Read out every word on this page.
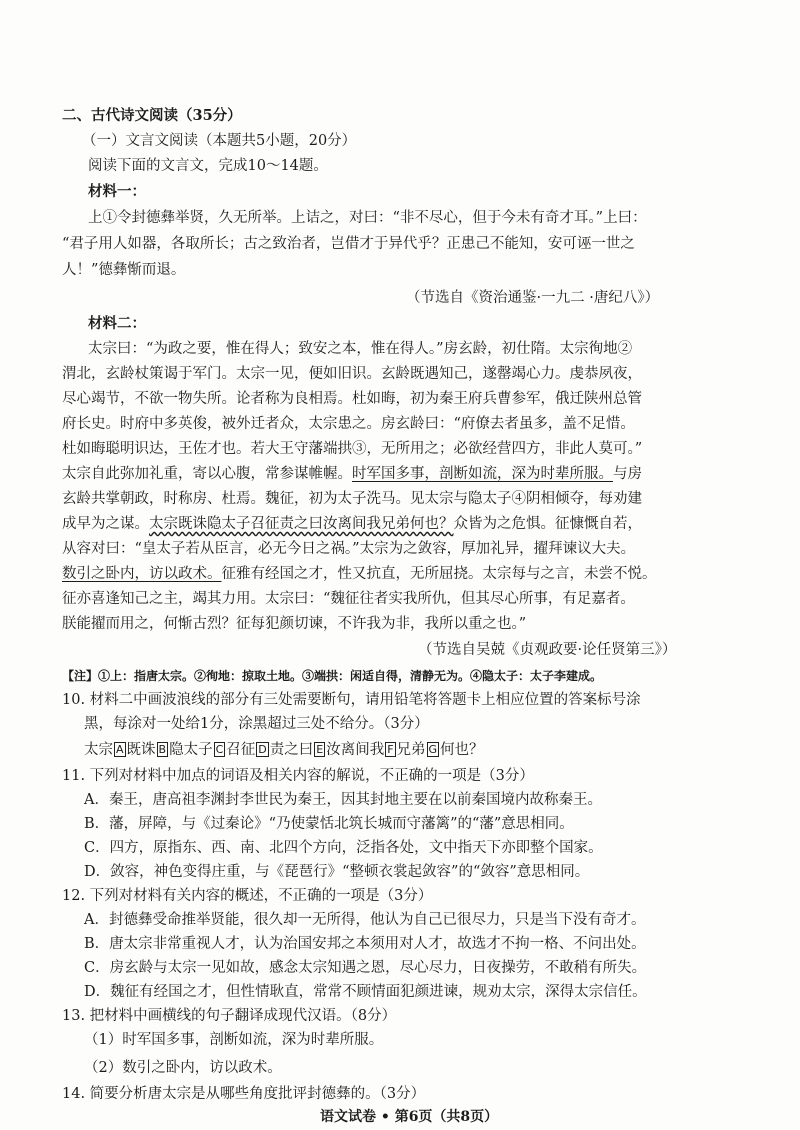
二、古代诗文阅读（35分）
（一）文言文阅读（本题共5小题，20分）
阅读下面的文言文，完成10～14题。
材料一：
上①令封德彝举贤，久无所举。上诘之，对曰：“非不尽心，但于今未有奇才耳。”上曰：
“君子用人如器，各取所长；古之致治者，岂借才于异代乎？正患己不能知，安可诬一世之
人！”德彝惭而退。
（节选自《资治通鉴·一九二 ·唐纪八》）
材料二：
太宗曰：“为政之要，惟在得人；致安之本，惟在得人。”房玄龄，初仕隋。太宗徇地②
渭北，玄龄杖策谒于军门。太宗一见，便如旧识。玄龄既遇知己，遂罄竭心力。虔恭夙夜，
尽心竭节，不欲一物失所。论者称为良相焉。杜如晦，初为秦王府兵曹参军，俄迁陕州总管
府长史。时府中多英俊，被外迁者众，太宗患之。房玄龄曰：“府僚去者虽多，盖不足惜。
杜如晦聪明识达，王佐才也。若大王守藩端拱③，无所用之；必欲经营四方，非此人莫可。”
太宗自此弥加礼重，寄以心腹，常参谋帷幄。时军国多事，剖断如流，深为时辈所服。与房
玄龄共掌朝政，时称房、杜焉。魏征，初为太子洗马。见太宗与隐太子④阴相倾夺，每劝建
成早为之谋。太宗既诛隐太子召征责之曰汝离间我兄弟何也？众皆为之危惧。征慷慨自若，
从容对曰：“皇太子若从臣言，必无今日之祸。”太宗为之敛容，厚加礼异，擢拜谏议大夫。
数引之卧内，访以政术。征雅有经国之才，性又抗直，无所屈挠。太宗每与之言，未尝不悦。
征亦喜逢知己之主，竭其力用。太宗曰：“魏征往者实我所仇，但其尽心所事，有足嘉者。
朕能擢而用之，何惭古烈？征每犯颜切谏，不许我为非，我所以重之也。”
（节选自吴兢《贞观政要·论任贤第三》）
【注】①上：指唐太宗。②徇地：掠取土地。③端拱：闲适自得，清静无为。④隐太子：太子李建成。
10. 材料二中画波浪线的部分有三处需要断句，请用铅笔将答题卡上相应位置的答案标号涂
黑，每涂对一处给1分，涂黑超过三处不给分。（3分）
太宗 A 既诛 B 隐太子 C 召征 D 责之曰 E 汝离间我 F 兄弟 G 何也？
11. 下列对材料中加点的词语及相关内容的解说，不正确的一项是（3分）
A．秦王，唐高祖李渊封李世民为秦王，因其封地主要在以前秦国境内故称秦王。
B．藩，屏障，与《过秦论》“乃使蒙恬北筑长城而守藩篱”的“藩”意思相同。
C．四方，原指东、西、南、北四个方向，泛指各处，文中指天下亦即整个国家。
D．敛容，神色变得庄重，与《琵琶行》“整顿衣裳起敛容”的“敛容”意思相同。
12. 下列对材料有关内容的概述，不正确的一项是（3分）
A．封德彝受命推举贤能，很久却一无所得，他认为自己已很尽力，只是当下没有奇才。
B．唐太宗非常重视人才，认为治国安邦之本须用对人才，故选才不拘一格、不问出处。
C．房玄龄与太宗一见如故，感念太宗知遇之恩，尽心尽力，日夜操劳，不敢稍有所失。
D．魏征有经国之才，但性情耿直，常常不顾情面犯颜进谏，规劝太宗，深得太宗信任。
13. 把材料中画横线的句子翻译成现代汉语。（8分）
（1）时军国多事，剖断如流，深为时辈所服。
（2）数引之卧内，访以政术。
14. 简要分析唐太宗是从哪些角度批评封德彝的。（3分）
语文试卷 • 第6页（共8页）
